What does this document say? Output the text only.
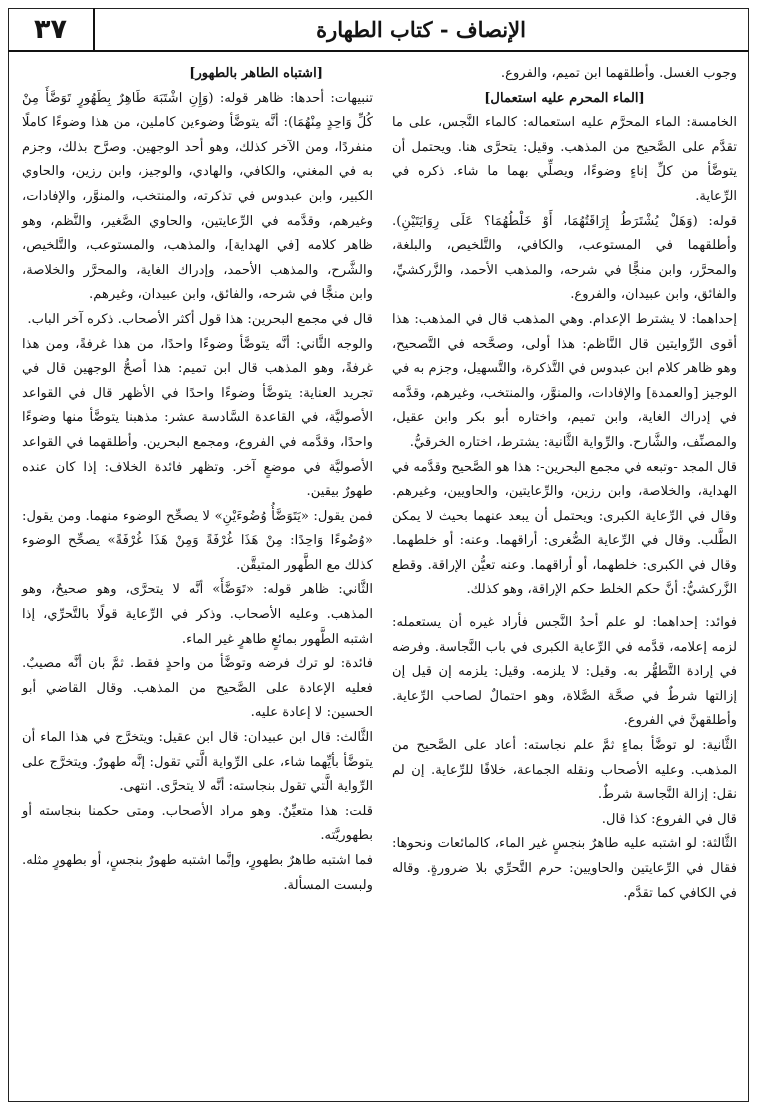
٣٧	الإنصاف - كتاب الطهارة

وجوب الغسل. وأطلقهما ابن تميم، والفروع.

[الماء المحرم عليه استعمال]

الخامسة: الماء المحرَّم عليه استعماله: كالماء النَّجس، على ما تقدَّم على الصَّحيح من المذهب. وقيل: يتحرَّى هنا. ويحتمل أن يتوضَّأ من كلِّ إناءٍ وضوءًا، ويصلِّي بهما ما شاء. ذكره في الرِّعاية.

قوله: (وَهَلْ يُشْتَرَطُ إِرَاقَتُهُمَا، أَوْ خَلْطُهُمَا؟ عَلَى رِوَايَتَيْنِ). وأطلقهما في المستوعب، والكافي، والتَّلخيص، والبلغة، والمحرَّر، وابن منجًّا في شرحه، والمذهب الأحمد، والزَّركشيِّ، والفائق، وابن عبيدان، والفروع.

إحداهما: لا يشترط الإعدام. وهي المذهب قال في المذهب: هذا أقوى الرِّوايتين قال النَّاظم: هذا أولى، وصحَّحه في التَّصحيح، وهو ظاهر كلام ابن عبدوس في التَّذكرة، والتَّسهيل، وجزم به في الوجيز [والعمدة] والإفادات، والمنوَّر، والمنتخب، وغيرهم، وقدَّمه في إدراك الغاية، وابن تميم، واختاره أبو بكر وابن عقيل، والمصنِّف، والشَّارح. والرِّواية الثَّانية: يشترط، اختاره الخرقيُّ.

قال المجد -وتبعه في مجمع البحرين-: هذا هو الصَّحيح وقدَّمه في الهداية، والخلاصة، وابن رزين، والرِّعايتين، والحاويين، وغيرهم. وقال في الرِّعاية الكبرى: ويحتمل أن يبعد عنهما بحيث لا يمكن الطَّلب. وقال في الرِّعاية الصُّغرى: أراقهما. وعنه: أو خلطهما. وقال في الكبرى: خلطهما، أو أراقهما. وعنه تعيُّن الإراقة. وقطع الزَّركشيُّ: أنَّ حكم الخلط حكم الإراقة، وهو كذلك.

فوائد: إحداهما: لو علم أحدُ النَّجس فأراد غيره أن يستعمله: لزمه إعلامه، قدَّمه في الرِّعاية الكبرى في باب النَّجاسة. وفرضه في إرادة التَّطهُّر به. وقيل: لا يلزمه. وقيل: يلزمه إن قيل إن إزالتها شرطٌ في صحَّة الصَّلاة، وهو احتمالٌ لصاحب الرِّعاية. وأطلقهنَّ في الفروع.

الثَّانية: لو توضَّأ بماءٍ ثمَّ علم نجاسته: أعاد على الصَّحيح من المذهب. وعليه الأصحاب ونقله الجماعة، خلافًا للرِّعاية. إن لم نقل: إزالة النَّجاسة شرطٌ.

قال في الفروع: كذا قال.

الثَّالثة: لو اشتبه عليه طاهرٌ بنجسٍ غير الماء، كالمائعات ونحوها: فقال في الرِّعايتين والحاويين: حرم التَّحرِّي بلا ضرورةٍ. وقاله في الكافي كما تقدَّم.

[اشتباه الطاهر بالطهور]

تنبيهات: أحدها: ظاهر قوله: (وَإِنِ اشْتَبَهَ طَاهِرٌ بِطَهُورٍ تَوَضَّأَ مِنْ كُلِّ وَاحِدٍ مِنْهُمَا): أنَّه يتوضَّأ وضوءين كاملين، من هذا وضوءًا كاملًا منفردًا، ومن الآخر كذلك، وهو أحد الوجهين. وصرَّح بذلك، وجزم به في المغني، والكافي، والهادي، والوجيز، وابن رزين، والحاوي الكبير، وابن عبدوس في تذكرته، والمنتخب، والمنوَّر، والإفادات، وغيرهم، وقدَّمه في الرِّعايتين، والحاوي الصَّغير، والنَّظم، وهو ظاهر كلامه [في الهداية]، والمذهب، والمستوعب، والتَّلخيص، والشَّرح، والمذهب الأحمد، وإدراك الغاية، والمحرَّر والخلاصة، وابن منجًّا في شرحه، والفائق، وابن عبيدان، وغيرهم.

قال في مجمع البحرين: هذا قول أكثر الأصحاب. ذكره آخر الباب.

والوجه الثَّاني: أنَّه يتوضَّأ وضوءًا واحدًا، من هذا غرفةً، ومن هذا غرفةً، وهو المذهب قال ابن تميم: هذا أصحُّ الوجهين قال في تجريد العناية: يتوضَّأ وضوءًا واحدًا في الأظهر قال في القواعد الأصوليَّة، في القاعدة السَّادسة عشر: مذهبنا يتوضَّأ منها وضوءًا واحدًا، وقدَّمه في الفروع، ومجمع البحرين. وأطلقهما في القواعد الأصوليَّة في موضعٍ آخر. وتظهر فائدة الخلاف: إذا كان عنده طهورٌ بيقين.

فمن يقول: «يَتَوَضَّأُ وُضُوءَيْنِ» لا يصحِّح الوضوء منهما. ومن يقول: «وُضُوءًا وَاحِدًا: مِنْ هَذَا غُرْفَةً وَمِنْ هَذَا غُرْفَةً» يصحِّح الوضوء كذلك مع الطَّهور المتيقَّن.

الثَّاني: ظاهر قوله: «تَوَضَّأَ» أنَّه لا يتحرَّى، وهو صحيحٌ، وهو المذهب. وعليه الأصحاب. وذكر في الرِّعاية قولًا بالتَّحرِّي، إذا اشتبه الطَّهور بمائعٍ طاهرٍ غير الماء.

فائدة: لو ترك فرضه وتوضَّأ من واحدٍ فقط. ثمَّ بان أنَّه مصيبٌ. فعليه الإعادة على الصَّحيح من المذهب. وقال القاضي أبو الحسين: لا إعادة عليه.

الثَّالث: قال ابن عبيدان: قال ابن عقيل: ويتخرَّج في هذا الماء أن يتوضَّأ بأيِّهما شاء، على الرِّواية الَّتي تقول: إنَّه طهورٌ. ويتخرَّج على الرِّواية الَّتي تقول بنجاسته: أنَّه لا يتحرَّى. انتهى.

قلت: هذا متعيِّنٌ. وهو مراد الأصحاب. ومتى حكمنا بنجاسته أو بطهوريَّته.

فما اشتبه طاهرٌ بطهورٍ، وإنَّما اشتبه طهورٌ بنجسٍ، أو بطهورٍ مثله. ولبست المسألة.
